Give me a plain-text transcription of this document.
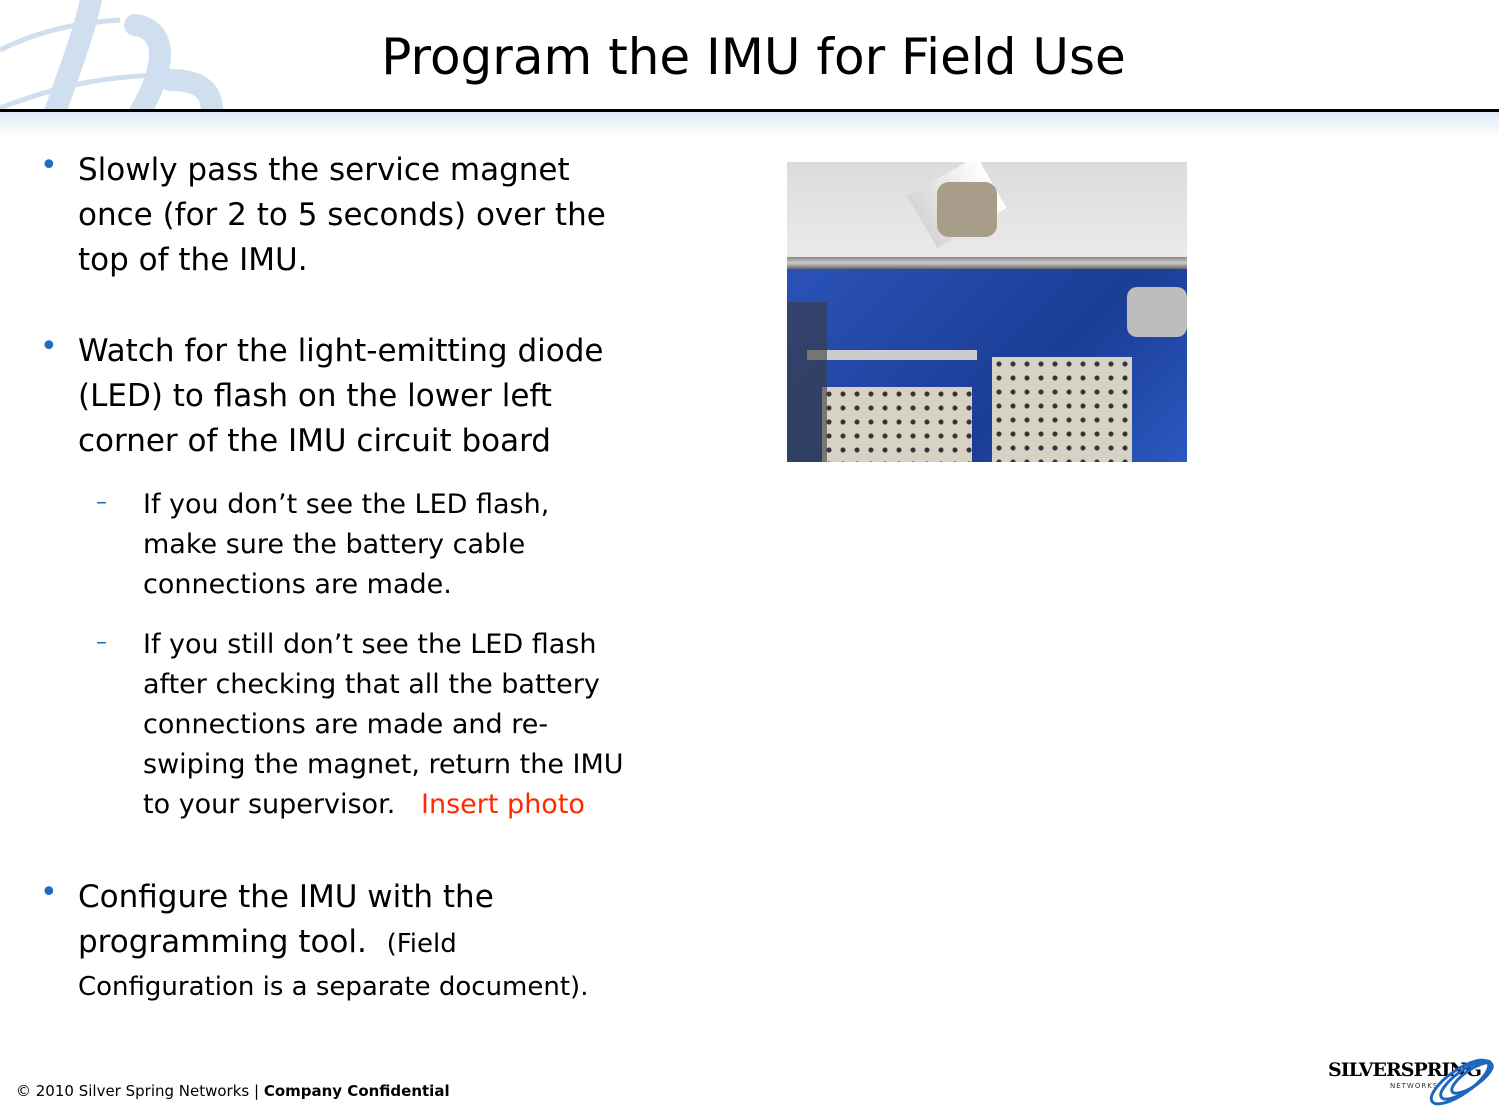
Program the IMU for Field Use
• Slowly pass the service magnet
once (for 2 to 5 seconds) over the
top of the IMU.
• Watch for the light-emitting diode
(LED) to flash on the lower left
corner of the IMU circuit board
– If you don’t see the LED flash,
make sure the battery cable
connections are made.
– If you still don’t see the LED flash
after checking that all the battery
connections are made and re-
swiping the magnet, return the IMU
to your supervisor. Insert photo
• Configure the IMU with the
programming tool. (Field
Configuration is a separate document).
© 2010 Silver Spring Networks | Company Confidential
SILVERSPRING
NETWORKS
